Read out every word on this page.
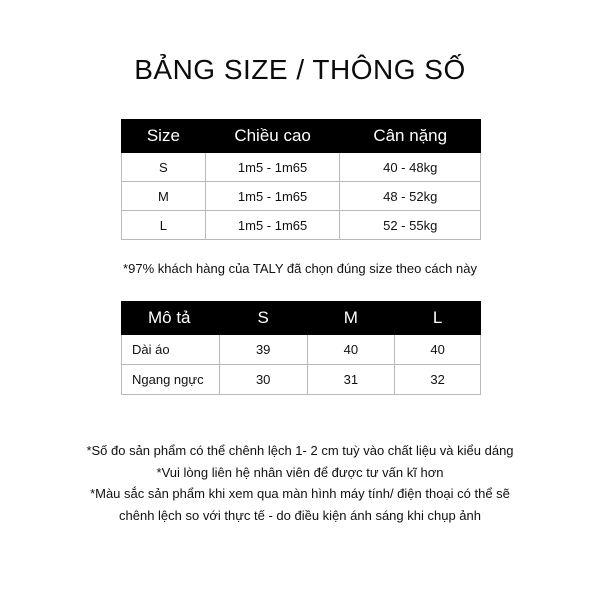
BẢNG SIZE / THÔNG SỐ
Size	Chiều cao	Cân nặng
S	1m5 - 1m65	40 - 48kg
M	1m5 - 1m65	48 - 52kg
L	1m5 - 1m65	52 - 55kg
*97% khách hàng của TALY đã chọn đúng size theo cách này
Mô tả	S	M	L
Dài áo	39	40	40
Ngang ngực	30	31	32

*Số đo sản phẩm có thể chênh lệch 1- 2 cm tuỳ vào chất liệu và kiểu dáng

*Vui lòng liên hệ nhân viên để được tư vấn kĩ hơn

*Màu sắc sản phẩm khi xem qua màn hình máy tính/ điện thoại có thể sẽ

chênh lệch so với thực tế - do điều kiện ánh sáng khi chụp ảnh
